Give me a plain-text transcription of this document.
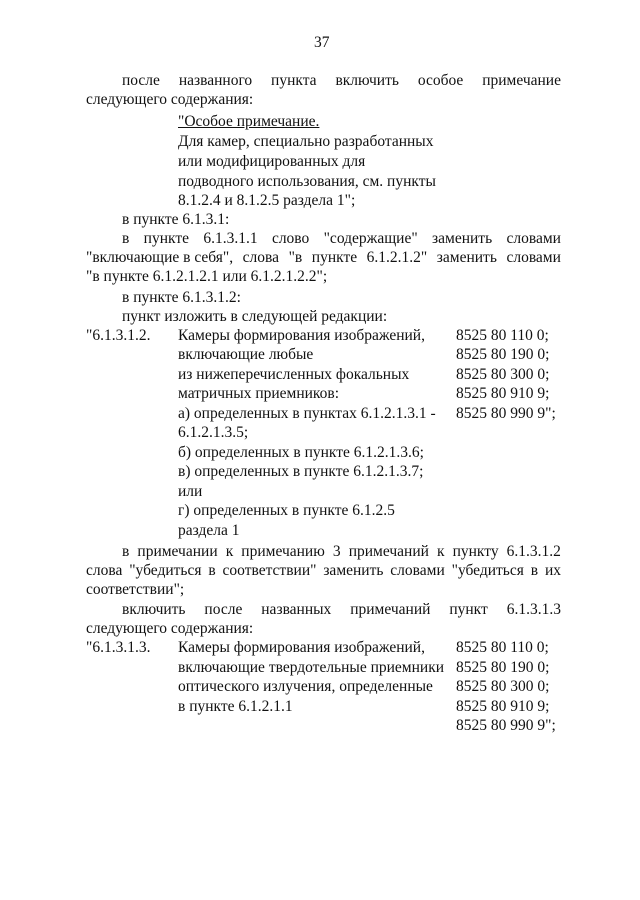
37
после названного пункта включить особое примечание
следующего содержания:
"Особое примечание.
Для камер, специально разработанных
или модифицированных для
подводного использования, см. пункты
8.1.2.4 и 8.1.2.5 раздела 1";
в пункте 6.1.3.1:
в пункте 6.1.3.1.1 слово "содержащие" заменить словами
"включающие в себя", слова "в пункте 6.1.2.1.2" заменить словами
"в пункте 6.1.2.1.2.1 или 6.1.2.1.2.2";
в пункте 6.1.3.1.2:
пункт изложить в следующей редакции:
"6.1.3.1.2. Камеры формирования изображений,
включающие любые
из нижеперечисленных фокальных
матричных приемников:
а) определенных в пунктах 6.1.2.1.3.1 -
6.1.2.1.3.5;
б) определенных в пункте 6.1.2.1.3.6;
в) определенных в пункте 6.1.2.1.3.7;
или
г) определенных в пункте 6.1.2.5
раздела 1
8525 80 110 0;
8525 80 190 0;
8525 80 300 0;
8525 80 910 9;
8525 80 990 9";
в примечании к примечанию 3 примечаний к пункту 6.1.3.1.2
слова "убедиться в соответствии" заменить словами "убедиться в их
соответствии";
включить после названных примечаний пункт 6.1.3.1.3
следующего содержания:
"6.1.3.1.3. Камеры формирования изображений,
включающие твердотельные приемники
оптического излучения, определенные
в пункте 6.1.2.1.1
8525 80 110 0;
8525 80 190 0;
8525 80 300 0;
8525 80 910 9;
8525 80 990 9";
